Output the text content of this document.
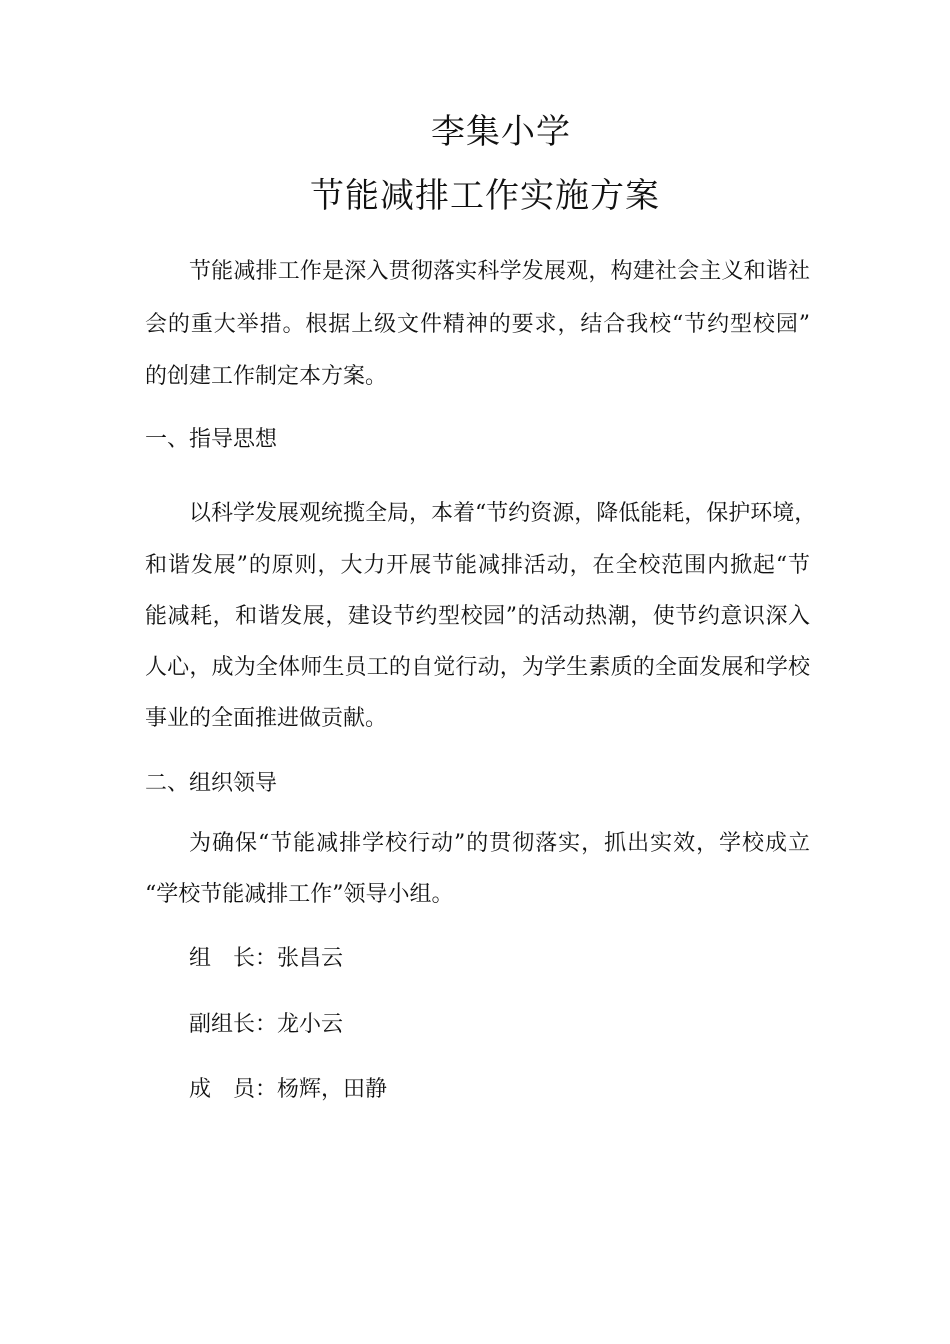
李集小学
节能减排工作实施方案
节能减排工作是深入贯彻落实科学发展观，构建社会主义和谐社
会的重大举措。根据上级文件精神的要求，结合我校“节约型校园”
的创建工作制定本方案。
一、指导思想
以科学发展观统揽全局，本着“节约资源，降低能耗，保护环境，
和谐发展”的原则，大力开展节能减排活动，在全校范围内掀起“节
能减耗，和谐发展，建设节约型校园”的活动热潮，使节约意识深入
人心，成为全体师生员工的自觉行动，为学生素质的全面发展和学校
事业的全面推进做贡献。
二、组织领导
为确保“节能减排学校行动”的贯彻落实，抓出实效，学校成立
“学校节能减排工作”领导小组。
组　长：张昌云
副组长：龙小云
成　员：杨辉，田静
